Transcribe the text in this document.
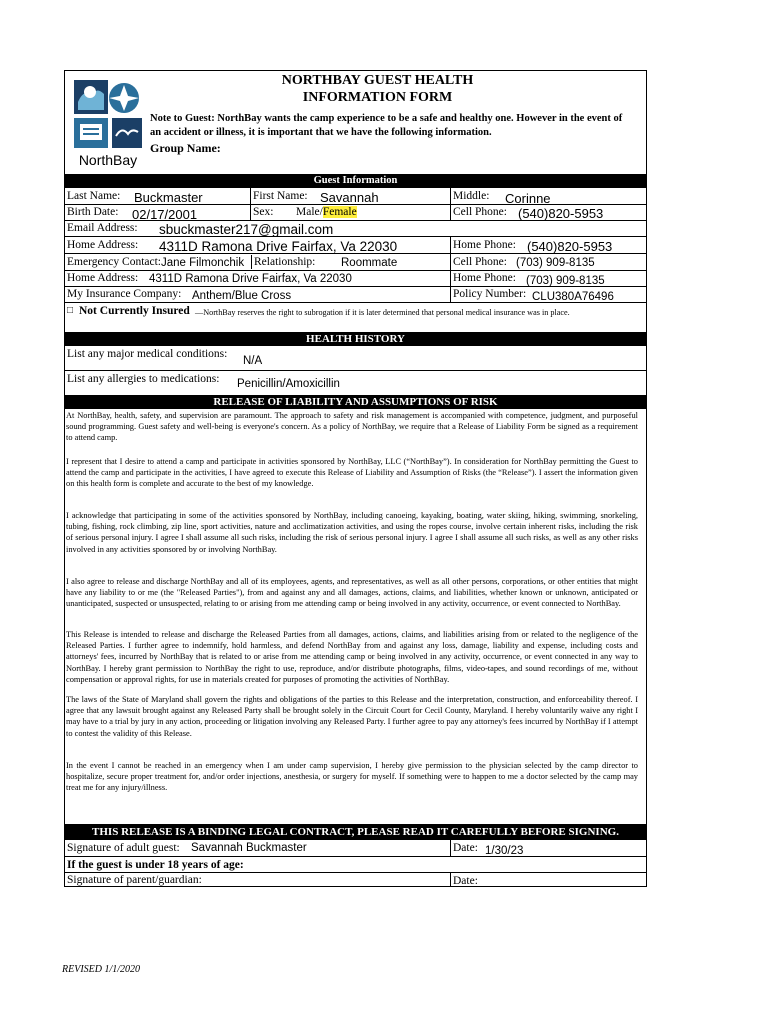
NorthBay
NORTHBAY GUEST HEALTH
INFORMATION FORM
Note to Guest: NorthBay wants the camp experience to be a safe and healthy one. However in the event of an accident or illness, it is important that we have the following information.
Group Name:
Guest Information
Last Name: Buckmaster	First Name: Savannah	Middle: Corinne
Birth Date: 02/17/2001	Sex: Male/Female	Cell Phone: (540)820-5953
Email Address: sbuckmaster217@gmail.com
Home Address: 4311D Ramona Drive Fairfax, Va 22030	Home Phone: (540)820-5953
Emergency Contact: Jane Filmonchik Relationship: Roommate	Cell Phone: (703) 909-8135
Home Address: 4311D Ramona Drive Fairfax, Va 22030	Home Phone: (703) 909-8135
My Insurance Company: Anthem/Blue Cross	Policy Number: CLU380A76496
□ Not Currently Insured —NorthBay reserves the right to subrogation if it is later determined that personal medical insurance was in place.
HEALTH HISTORY
List any major medical conditions:
N/A
List any allergies to medications: Penicillin/Amoxicillin
RELEASE OF LIABILITY AND ASSUMPTIONS OF RISK
At NorthBay, health, safety, and supervision are paramount. The approach to safety and risk management is accompanied with competence, judgment, and purposeful sound programming. Guest safety and well-being is everyone's concern. As a policy of NorthBay, we require that a Release of Liability Form be signed as a requirement to attend camp.
I represent that I desire to attend a camp and participate in activities sponsored by NorthBay, LLC (“NorthBay”). In consideration for NorthBay permitting the Guest to attend the camp and participate in the activities, I have agreed to execute this Release of Liability and Assumption of Risks (the “Release”). I assert the information given on this health form is complete and accurate to the best of my knowledge.
I acknowledge that participating in some of the activities sponsored by NorthBay, including canoeing, kayaking, boating, water skiing, hiking, swimming, snorkeling, tubing, fishing, rock climbing, zip line, sport activities, nature and acclimatization activities, and using the ropes course, involve certain inherent risks, including the risk of serious personal injury. I agree I shall assume all such risks, including the risk of serious personal injury. I agree I shall assume all such risks, as well as any other risks involved in any activities sponsored by or involving NorthBay.
I also agree to release and discharge NorthBay and all of its employees, agents, and representatives, as well as all other persons, corporations, or other entities that might have any liability to or me (the "Released Parties"), from and against any and all damages, actions, claims, and liabilities, whether known or unknown, anticipated or unanticipated, suspected or unsuspected, relating to or arising from me attending camp or being involved in any activity, occurrence, or event connected to NorthBay.
This Release is intended to release and discharge the Released Parties from all damages, actions, claims, and liabilities arising from or related to the negligence of the Released Parties. I further agree to indemnify, hold harmless, and defend NorthBay from and against any loss, damage, liability and expense, including costs and attorneys' fees, incurred by NorthBay that is related to or arise from me attending camp or being involved in any activity, occurrence, or event connected in any way to NorthBay. I hereby grant permission to NorthBay the right to use, reproduce, and/or distribute photographs, films, video-tapes, and sound recordings of me, without compensation or approval rights, for use in materials created for purposes of promoting the activities of NorthBay.
The laws of the State of Maryland shall govern the rights and obligations of the parties to this Release and the interpretation, construction, and enforceability thereof. I agree that any lawsuit brought against any Released Party shall be brought solely in the Circuit Court for Cecil County, Maryland. I hereby voluntarily waive any right I may have to a trial by jury in any action, proceeding or litigation involving any Released Party. I further agree to pay any attorney's fees incurred by NorthBay if I attempt to contest the validity of this Release.
In the event I cannot be reached in an emergency when I am under camp supervision, I hereby give permission to the physician selected by the camp director to hospitalize, secure proper treatment for, and/or order injections, anesthesia, or surgery for myself. If something were to happen to me a doctor selected by the camp may treat me for any injury/illness.
THIS RELEASE IS A BINDING LEGAL CONTRACT, PLEASE READ IT CAREFULLY BEFORE SIGNING.
Signature of adult guest: Savannah Buckmaster	Date: 1/30/23
If the guest is under 18 years of age:
Signature of parent/guardian:	Date:
REVISED 1/1/2020
